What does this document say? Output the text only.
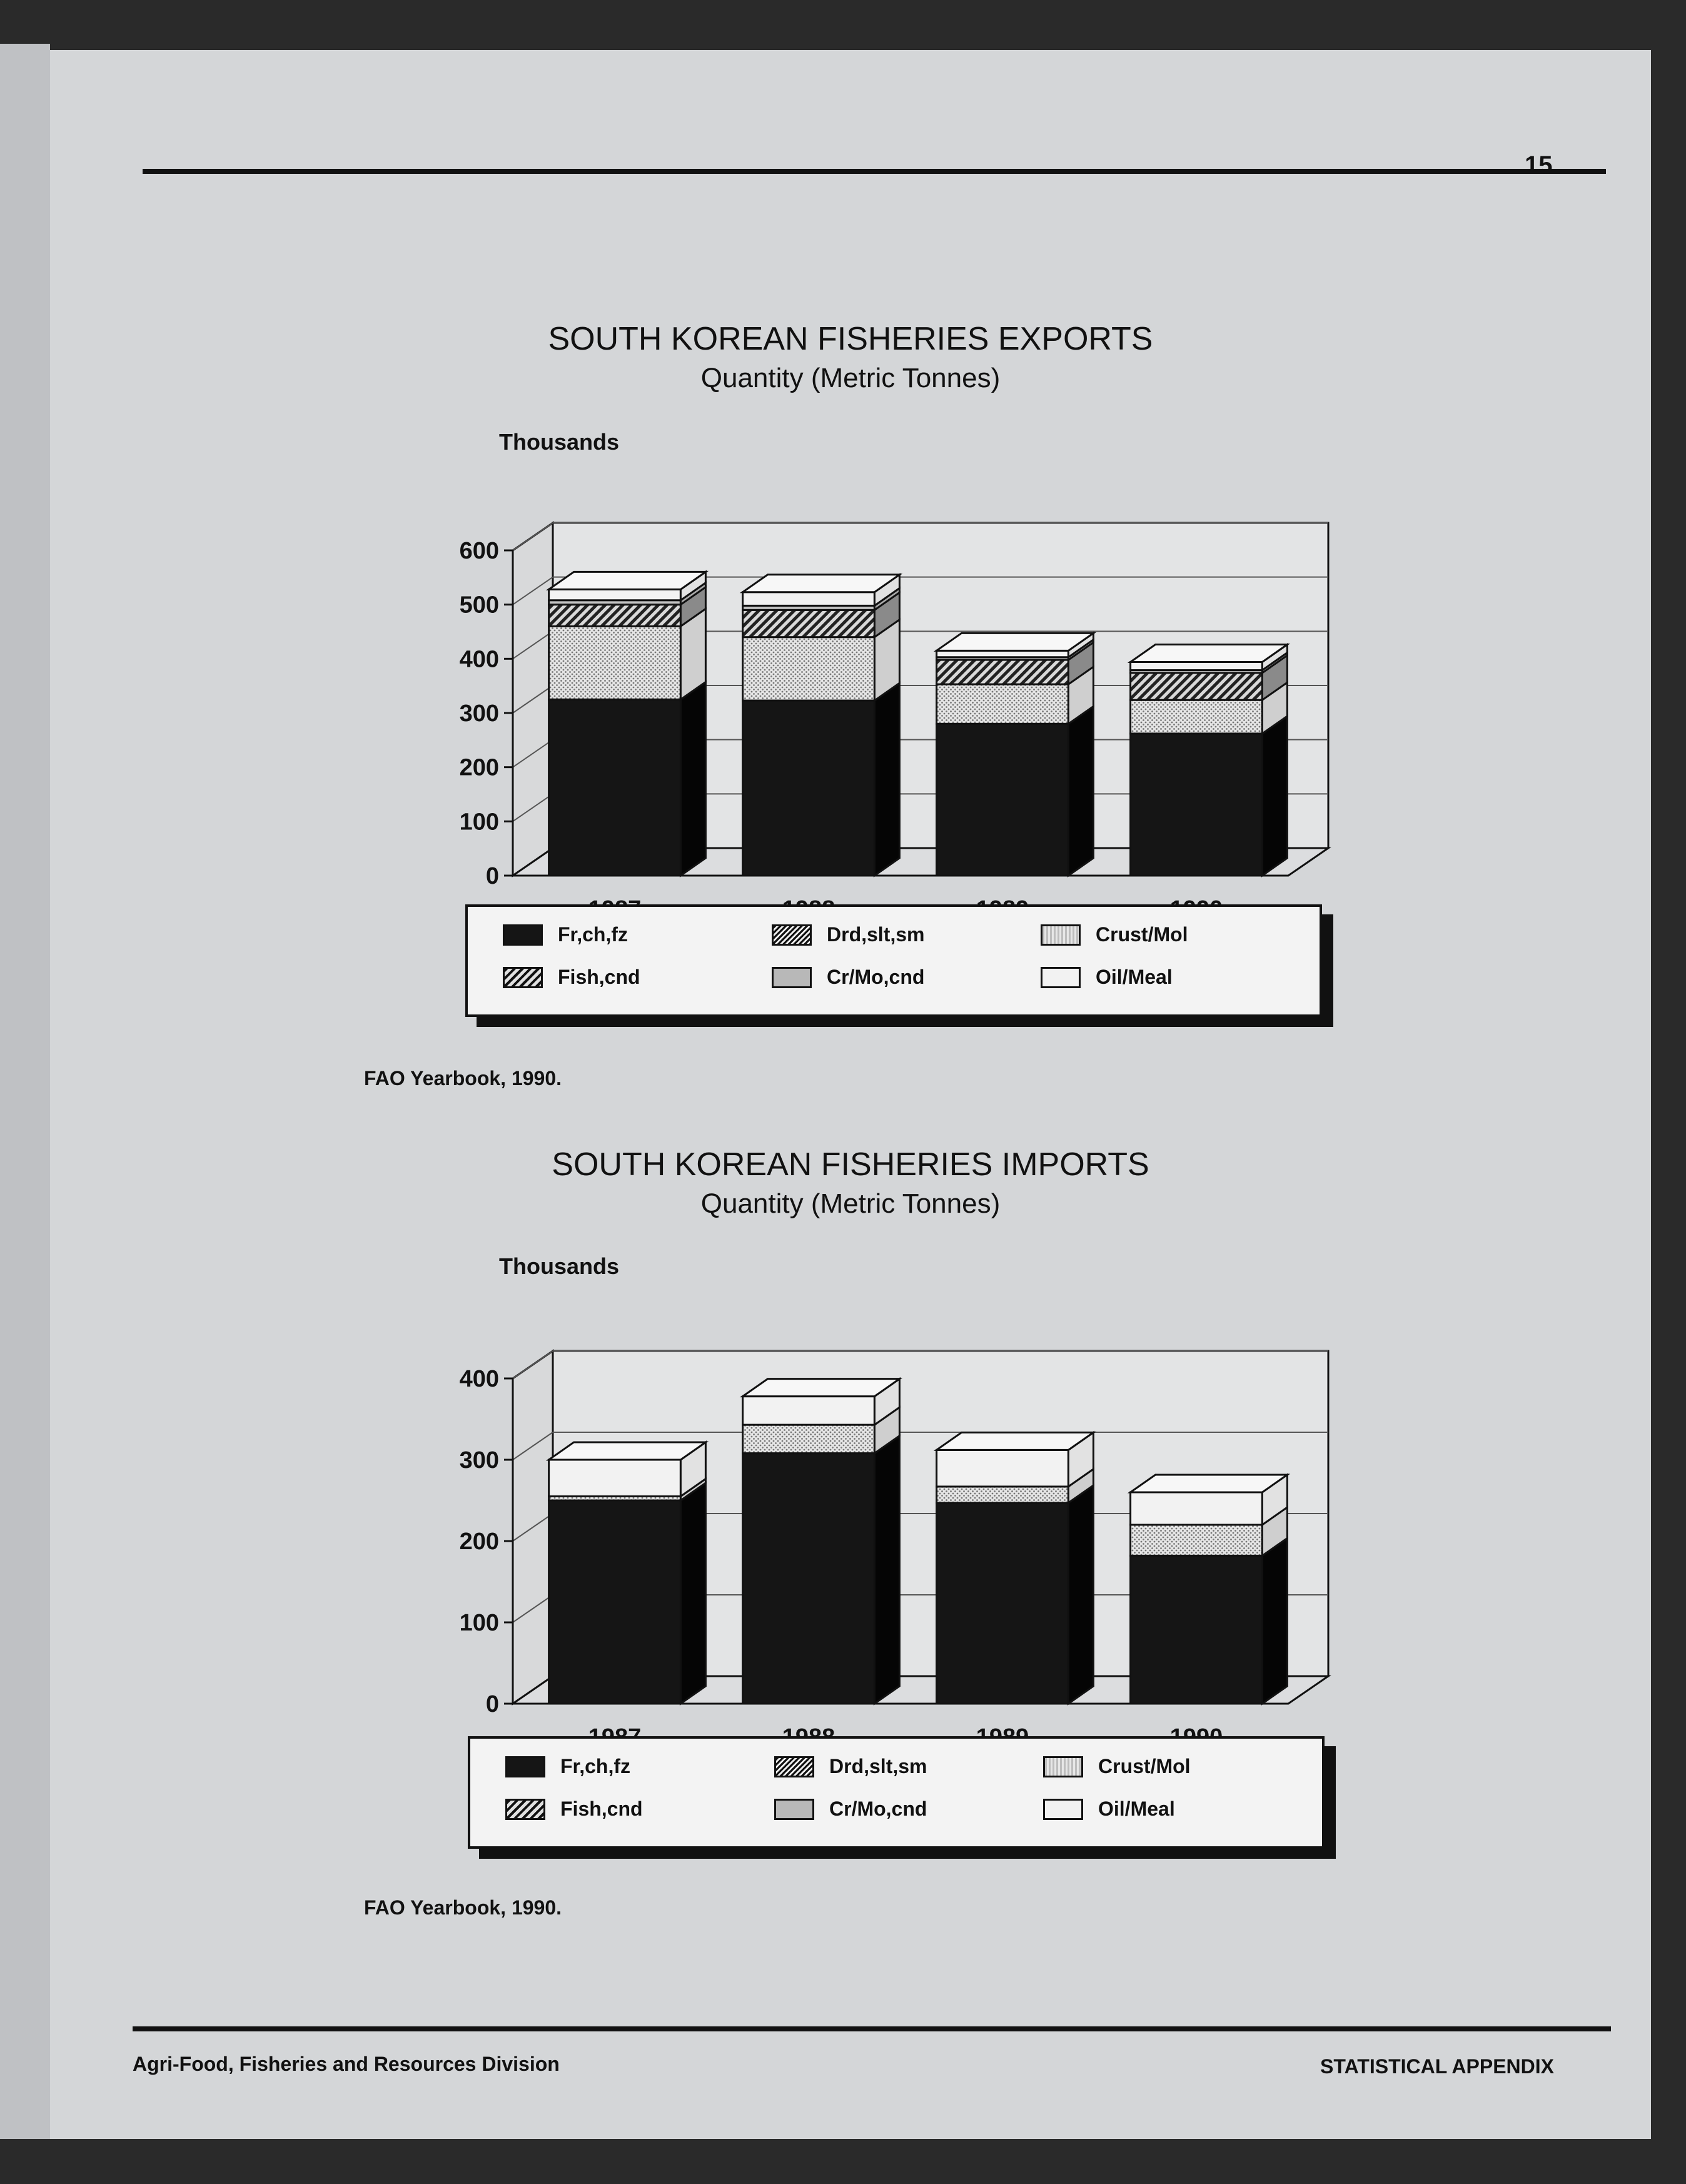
15
SOUTH KOREAN FISHERIES EXPORTS
Quantity (Metric Tonnes)
Thousands
0
100
200
300
400
500
600
Fr,ch,fz	Drd,slt,sm	Crust/Mol
Fish,cnd	Cr/Mo,cnd	Oil/Meal
FAO Yearbook, 1990.
SOUTH KOREAN FISHERIES IMPORTS
Quantity (Metric Tonnes)
Thousands
0
100
200
300
400
Fr,ch,fz	Drd,slt,sm	Crust/Mol
Fish,cnd	Cr/Mo,cnd	Oil/Meal
FAO Yearbook, 1990.
Agri-Food, Fisheries and Resources Division	STATISTICAL APPENDIX
